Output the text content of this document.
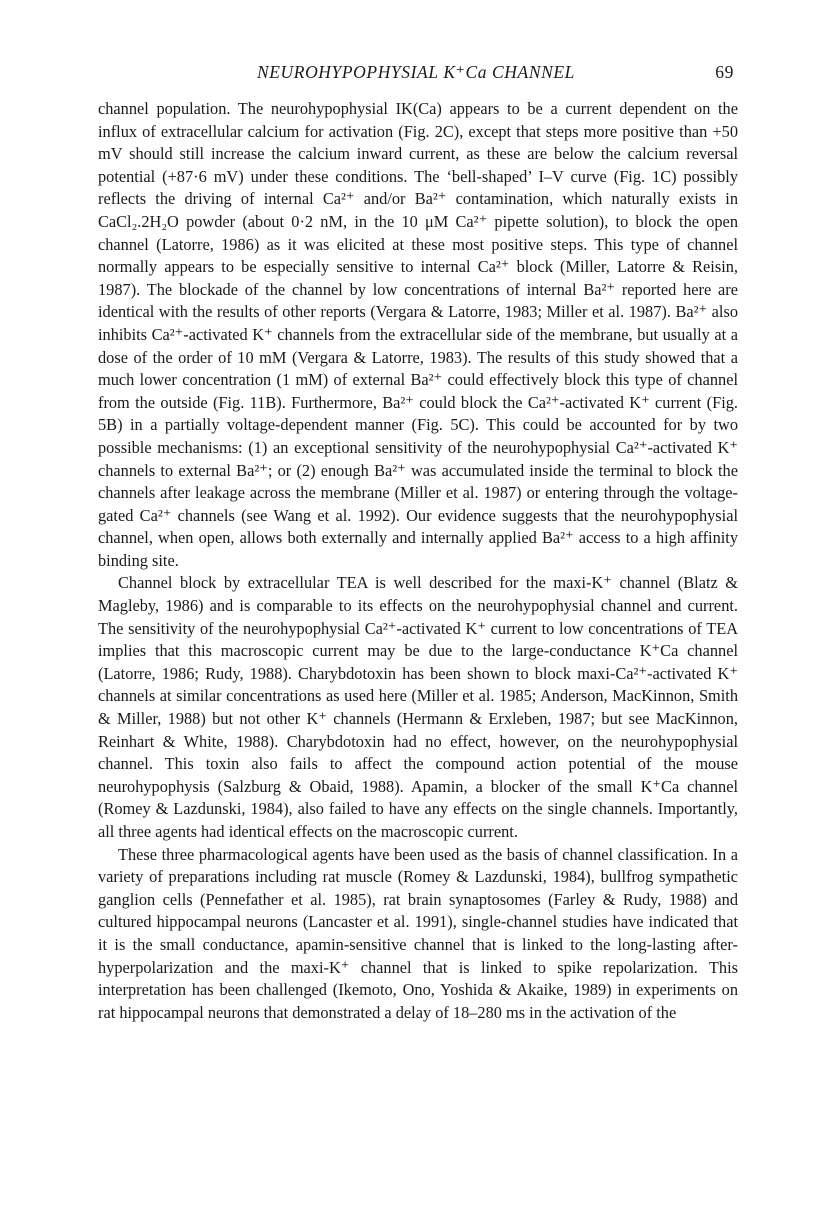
NEUROHYPOPHYSIAL K⁺Ca CHANNEL	69

channel population. The neurohypophysial IK(Ca) appears to be a current dependent on the influx of extracellular calcium for activation (Fig. 2C), except that steps more positive than +50 mV should still increase the calcium inward current, as these are below the calcium reversal potential (+87·6 mV) under these conditions. The ‘bell-shaped’ I–V curve (Fig. 1C) possibly reflects the driving of internal Ca²⁺ and/or Ba²⁺ contamination, which naturally exists in CaCl₂.2H₂O powder (about 0·2 nM, in the 10 μM Ca²⁺ pipette solution), to block the open channel (Latorre, 1986) as it was elicited at these most positive steps. This type of channel normally appears to be especially sensitive to internal Ca²⁺ block (Miller, Latorre & Reisin, 1987). The blockade of the channel by low concentrations of internal Ba²⁺ reported here are identical with the results of other reports (Vergara & Latorre, 1983; Miller et al. 1987). Ba²⁺ also inhibits Ca²⁺-activated K⁺ channels from the extracellular side of the membrane, but usually at a dose of the order of 10 mM (Vergara & Latorre, 1983). The results of this study showed that a much lower concentration (1 mM) of external Ba²⁺ could effectively block this type of channel from the outside (Fig. 11B). Furthermore, Ba²⁺ could block the Ca²⁺-activated K⁺ current (Fig. 5B) in a partially voltage-dependent manner (Fig. 5C). This could be accounted for by two possible mechanisms: (1) an exceptional sensitivity of the neurohypophysial Ca²⁺-activated K⁺ channels to external Ba²⁺; or (2) enough Ba²⁺ was accumulated inside the terminal to block the channels after leakage across the membrane (Miller et al. 1987) or entering through the voltage-gated Ca²⁺ channels (see Wang et al. 1992). Our evidence suggests that the neurohypophysial channel, when open, allows both externally and internally applied Ba²⁺ access to a high affinity binding site.

Channel block by extracellular TEA is well described for the maxi-K⁺ channel (Blatz & Magleby, 1986) and is comparable to its effects on the neurohypophysial channel and current. The sensitivity of the neurohypophysial Ca²⁺-activated K⁺ current to low concentrations of TEA implies that this macroscopic current may be due to the large-conductance K⁺Ca channel (Latorre, 1986; Rudy, 1988). Charybdotoxin has been shown to block maxi-Ca²⁺-activated K⁺ channels at similar concentrations as used here (Miller et al. 1985; Anderson, MacKinnon, Smith & Miller, 1988) but not other K⁺ channels (Hermann & Erxleben, 1987; but see MacKinnon, Reinhart & White, 1988). Charybdotoxin had no effect, however, on the neurohypophysial channel. This toxin also fails to affect the compound action potential of the mouse neurohypophysis (Salzburg & Obaid, 1988). Apamin, a blocker of the small K⁺Ca channel (Romey & Lazdunski, 1984), also failed to have any effects on the single channels. Importantly, all three agents had identical effects on the macroscopic current.

These three pharmacological agents have been used as the basis of channel classification. In a variety of preparations including rat muscle (Romey & Lazdunski, 1984), bullfrog sympathetic ganglion cells (Pennefather et al. 1985), rat brain synaptosomes (Farley & Rudy, 1988) and cultured hippocampal neurons (Lancaster et al. 1991), single-channel studies have indicated that it is the small conductance, apamin-sensitive channel that is linked to the long-lasting after-hyperpolarization and the maxi-K⁺ channel that is linked to spike repolarization. This interpretation has been challenged (Ikemoto, Ono, Yoshida & Akaike, 1989) in experiments on rat hippocampal neurons that demonstrated a delay of 18–280 ms in the activation of the
